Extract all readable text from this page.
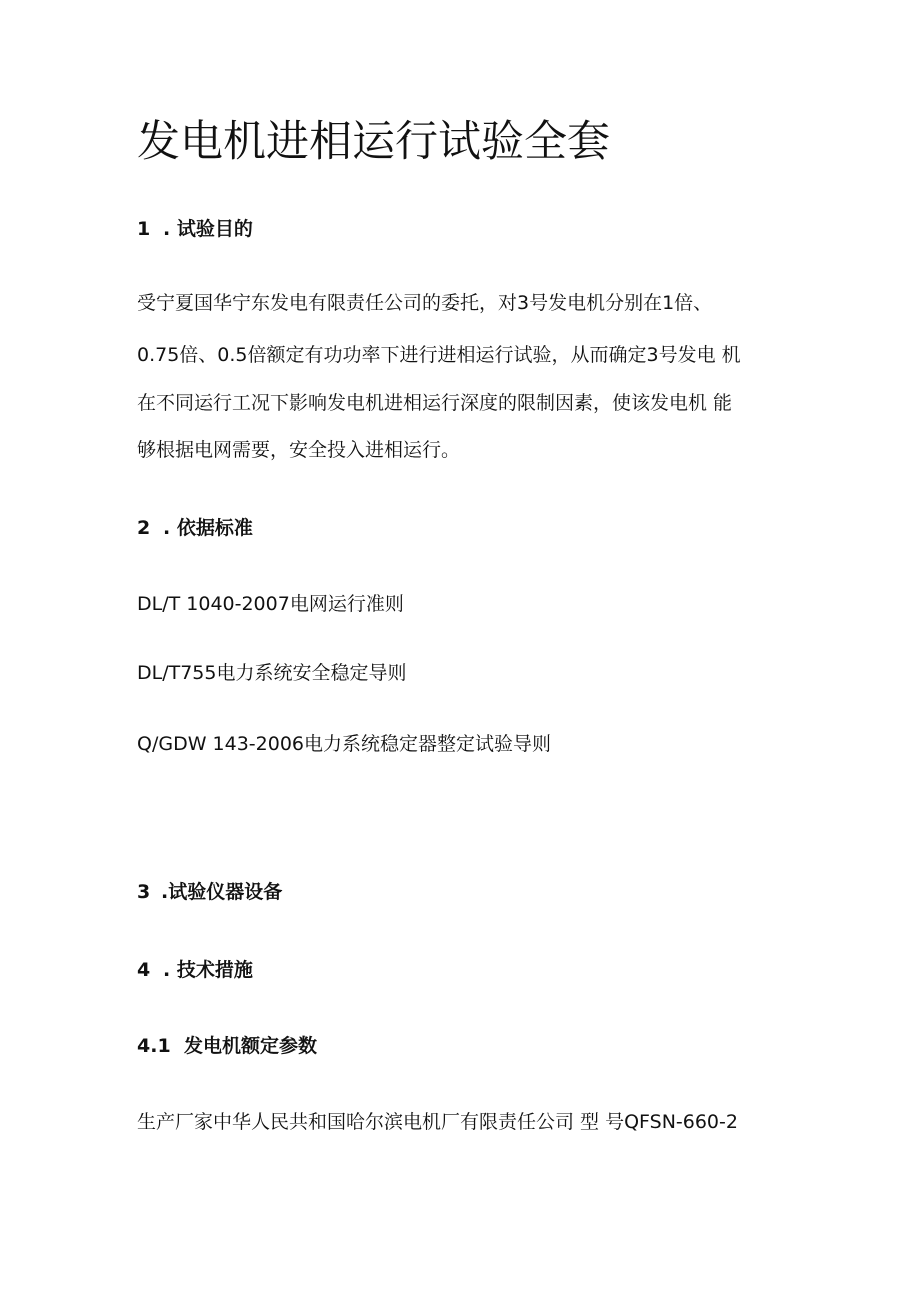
发电机进相运行试验全套
1 . 试验目的

受宁夏国华宁东发电有限责任公司的委托，对3号发电机分别在1倍、

0.75倍、0.5倍额定有功功率下进行进相运行试验，从而确定3号发电 机

在不同运行工况下影响发电机进相运行深度的限制因素，使该发电机 能

够根据电网需要，安全投入进相运行。

2 . 依据标准

DL/T 1040-2007电网运行准则

DL/T755电力系统安全稳定导则

Q/GDW 143-2006电力系统稳定器整定试验导则

3 .试验仪器设备
4 . 技术措施
4.1 发电机额定参数

生产厂家中华人民共和国哈尔滨电机厂有限责任公司 型 号QFSN-660-2
